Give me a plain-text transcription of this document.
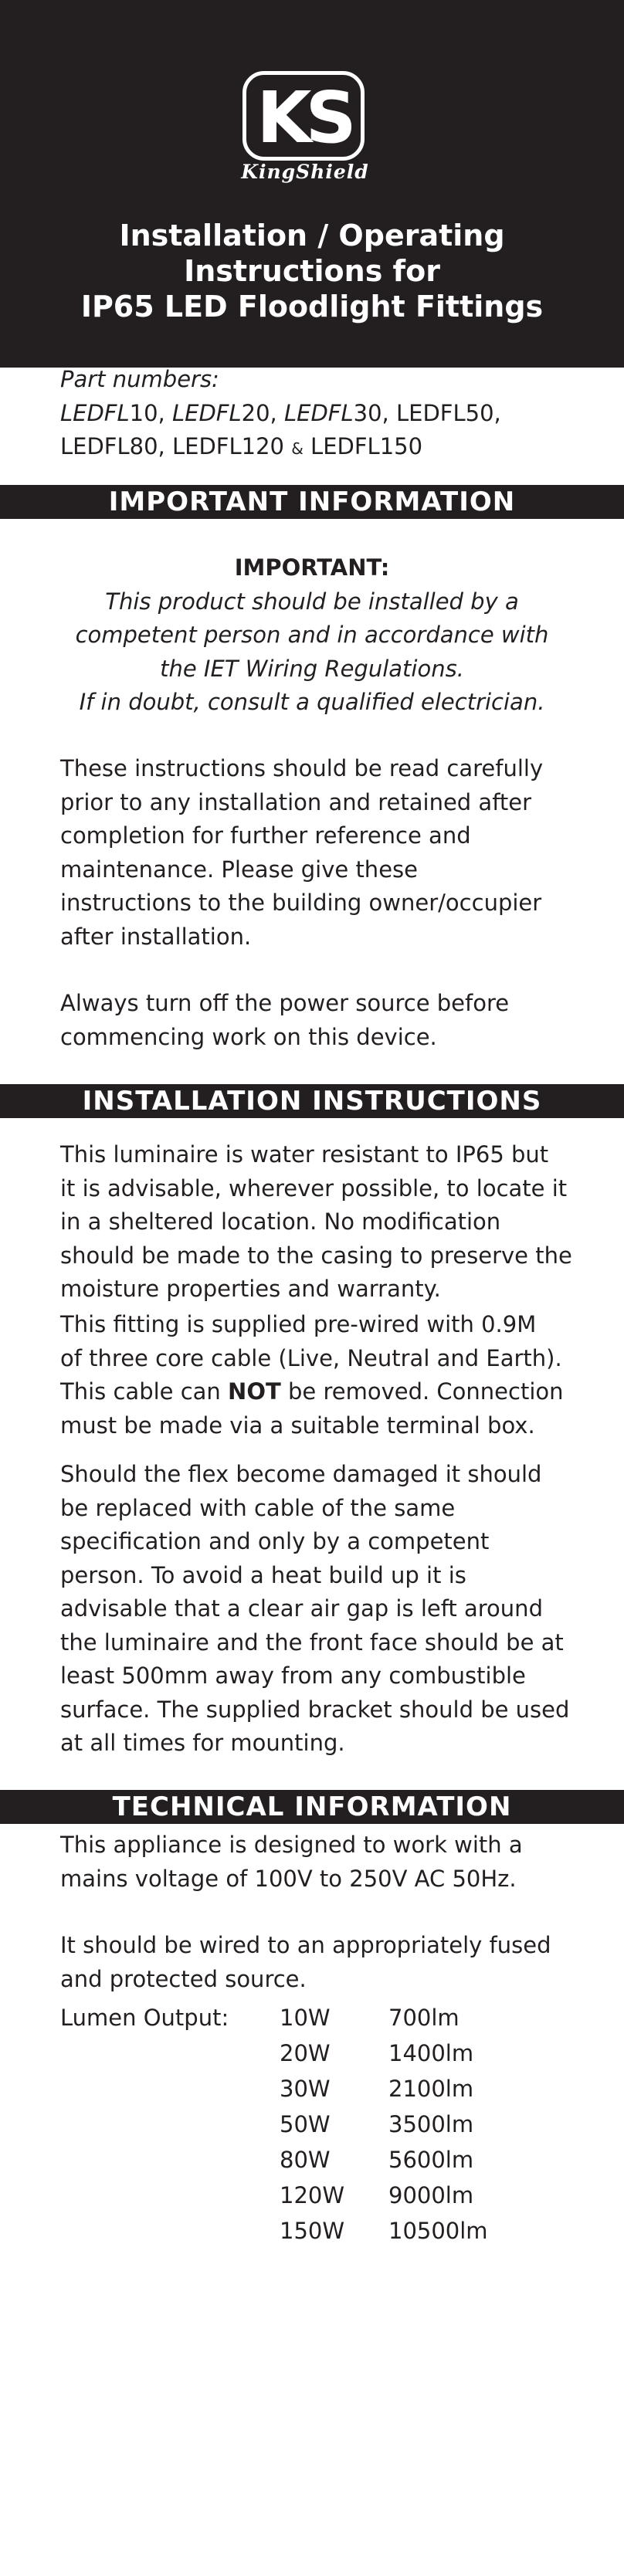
KS
KingShield
Installation / Operating
Instructions for
IP65 LED Floodlight Fittings
Part numbers:
LEDFL10, LEDFL20, LEDFL30, LEDFL50,
LEDFL80, LEDFL120 & LEDFL150
IMPORTANT INFORMATION
IMPORTANT:
This product should be installed by a
competent person and in accordance with
the IET Wiring Regulations.
If in doubt, consult a qualified electrician.
These instructions should be read carefully
prior to any installation and retained after
completion for further reference and
maintenance. Please give these
instructions to the building owner/occupier
after installation.
Always turn off the power source before
commencing work on this device.
INSTALLATION INSTRUCTIONS
This luminaire is water resistant to IP65 but
it is advisable, wherever possible, to locate it
in a sheltered location. No modification
should be made to the casing to preserve the
moisture properties and warranty.
This fitting is supplied pre-wired with 0.9M
of three core cable (Live, Neutral and Earth).
This cable can NOT be removed. Connection
must be made via a suitable terminal box.
Should the flex become damaged it should
be replaced with cable of the same
specification and only by a competent
person. To avoid a heat build up it is
advisable that a clear air gap is left around
the luminaire and the front face should be at
least 500mm away from any combustible
surface. The supplied bracket should be used
at all times for mounting.
TECHNICAL INFORMATION
This appliance is designed to work with a
mains voltage of 100V to 250V AC 50Hz.
It should be wired to an appropriately fused
and protected source.
Lumen Output: 10W	700lm
20W	1400lm
30W	2100lm
50W	3500lm
80W	5600lm
120W 9000lm
150W 10500lm
